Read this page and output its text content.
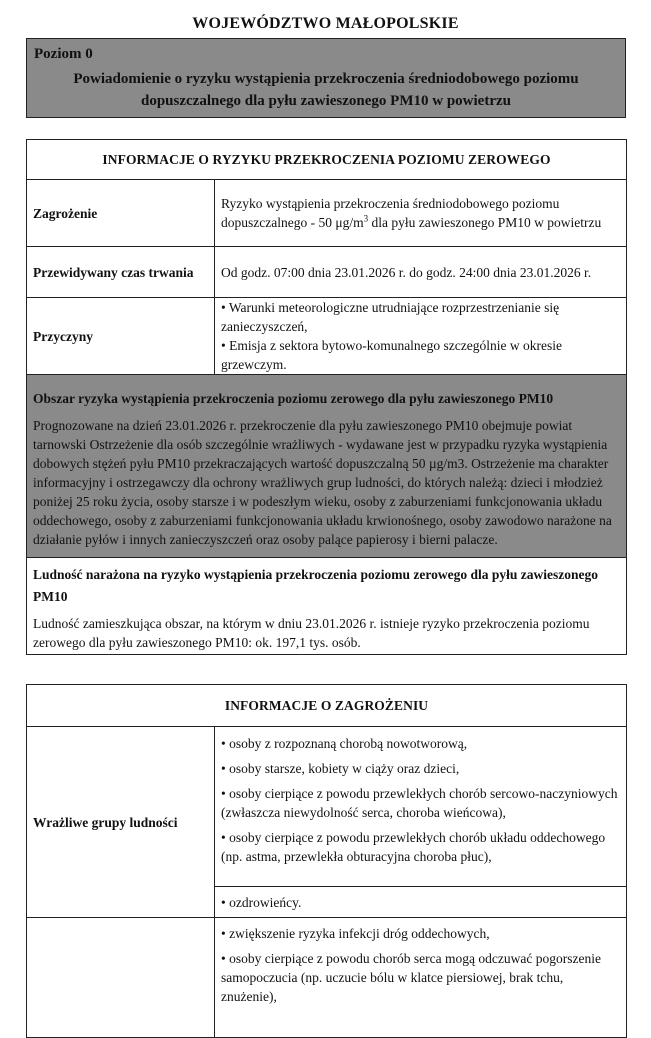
WOJEWÓDZTWO MAŁOPOLSKIE
Poziom 0
Powiadomienie o ryzyku wystąpienia przekroczenia średniodobowego poziomu dopuszczalnego dla pyłu zawieszonego PM10 w powietrzu
INFORMACJE O RYZYKU PRZEKROCZENIA POZIOMU ZEROWEGO	
Zagrożenie	Ryzyko wystąpienia przekroczenia średniodobowego poziomu dopuszczalnego - 50 $\mu g/m^3$ dla pyłu zawieszonego PM10 w powietrzu
Przewidywany czas trwania	Od godz. 07:00 dnia 23.01.2026 r. do godz. 24:00 dnia 23.01.2026 r.
Przyczyny	• Warunki meteorologiczne utrudniające rozprzestrzenianie się zanieczyszczeń,
• Emisja z sektora bytowo-komunalnego szczególnie w okresie grzewczym.

Obszar ryzyka wystąpienia przekroczenia poziomu zerowego dla pyłu zawieszonego PM10
Prognozowane na dzień 23.01.2026 r. przekroczenie dla pyłu zawieszonego PM10 obejmuje powiat tarnowski Ostrzeżenie dla osób szczególnie wrażliwych - wydawane jest w przypadku ryzyka wystąpienia dobowych stężeń pyłu PM10 przekraczających wartość dopuszczalną 50 µg/m3. Ostrzeżenie ma charakter informacyjny i ostrzegawczy dla ochrony wrażliwych grup ludności, do których należą: dzieci i młodzież poniżej 25 roku życia, osoby starsze i w podeszłym wieku, osoby z zaburzeniami funkcjonowania układu oddechowego, osoby z zaburzeniami funkcjonowania układu krwionośnego, osoby zawodowo narażone na działanie pyłów i innych zanieczyszczeń oraz osoby palące papierosy i bierni palacze.	

Ludność narażona na ryzyko wystąpienia przekroczenia poziomu zerowego dla pyłu zawieszonego PM10
Ludność zamieszkująca obszar, na którym w dniu 23.01.2026 r. istnieje ryzyko przekroczenia poziomu zerowego dla pyłu zawieszonego PM10: ok. 197,1 tys. osób.	
INFORMACJE O ZAGROŻENIU	
Wrażliwe grupy ludności	• osoby z rozpoznaną chorobą nowotworową,
• osoby starsze, kobiety w ciąży oraz dzieci,
• osoby cierpiące z powodu przewlekłych chorób sercowo-naczyniowych (zwłaszcza niewydolność serca, choroba wieńcowa),
• osoby cierpiące z powodu przewlekłych chorób układu oddechowego (np. astma, przewlekła obturacyjna choroba płuc),

	• ozdrowieńcy.

	• zwiększenie ryzyka infekcji dróg oddechowych,
• osoby cierpiące z powodu chorób serca mogą odczuwać pogorszenie samopoczucia (np. uczucie bólu w klatce piersiowej, brak tchu, znużenie),
